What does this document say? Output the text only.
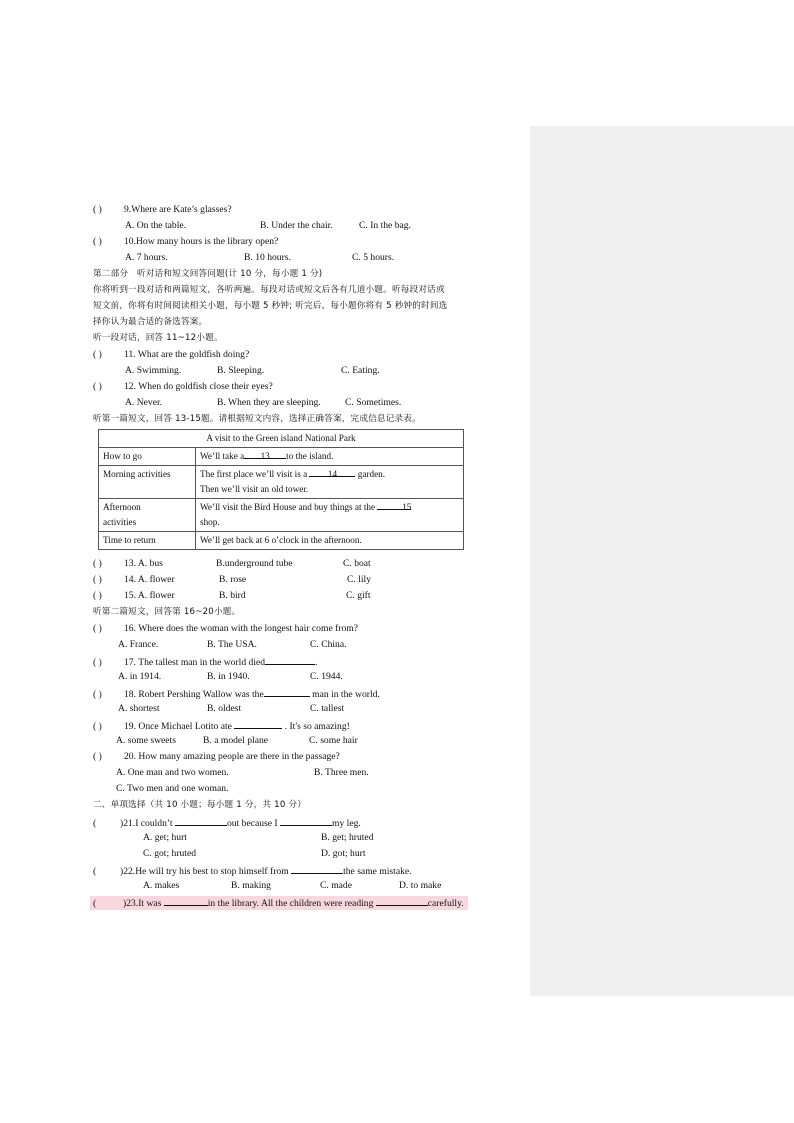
( ) 9.Where are Kate’s glasses?
A. On the table.	B. Under the chair.	C. In the bag.
( ) 10.How many hours is the library open?
A. 7 hours.	B. 10 hours.	C. 5 hours.
第二部分　听对话和短文回答问题(计 10 分，每小题 1 分)
你将听到一段对话和两篇短文，各听两遍。每段对话或短文后各有几道小题。听每段对话或
短文前，你将有时间阅读相关小题，每小题 5 秒钟; 听完后，每小题你将有 5 秒钟的时间选
择你认为最合适的备选答案。
听一段对话，回答 11~12小题。
( ) 11. What are the goldfish doing?
A. Swimming.	B. Sleeping.	C. Eating.
( ) 12. When do goldfish close their eyes?
A. Never.	B. When they are sleeping.	C. Sometimes.
听第一篇短文，回答 13-15题。请根据短文内容，选择正确答案，完成信息记录表。
A visit to the Green island National Park	
How to go	We’ll take a 13 to the island.
Morning activities	The first place we’ll visit is a 14 garden.
Then we’ll visit an old tower.
Afternoon
activities	We’ll visit the Bird House and buy things at the 15
shop.
Time to return	We’ll get back at 6 o’clock in the afternoon.
( ) 13. A. bus	B.underground tube	C. boat
( ) 14. A. flower	B. rose	C. lily
( ) 15. A. flower	B. bird	C. gift
听第二篇短文，回答第 16~20小题。
( ) 16. Where does the woman with the longest hair come from?
A. France.	B. The USA.	C. China.
( ) 17. The tallest man in the world died	.
A. in 1914.	B. in 1940.	C. 1944.
( ) 18. Robert Pershing Wallow was the	man in the world.
A. shortest	B. oldest	C. tallest
( ) 19. Once Michael Lotito ate	. It's so amazing!
A. some sweets	B. a model plane	C. some hair
( ) 20. How many amazing people are there in the passage?
A. One man and two women.	B. Three men.
C. Two men and one woman.
二、单项选择（共 10 小题；每小题 1 分，共 10 分）
( )21.I couldn’t	out because I	my leg.
A. get; hurt	B. get; hruted
C. got; hruted	D. got; hurt
( )22.He will try his best to stop himself from	the same mistake.
A. makes	B. making	C. made	D. to make
(	)23.It was	in the library. All the children were reading	carefully.
